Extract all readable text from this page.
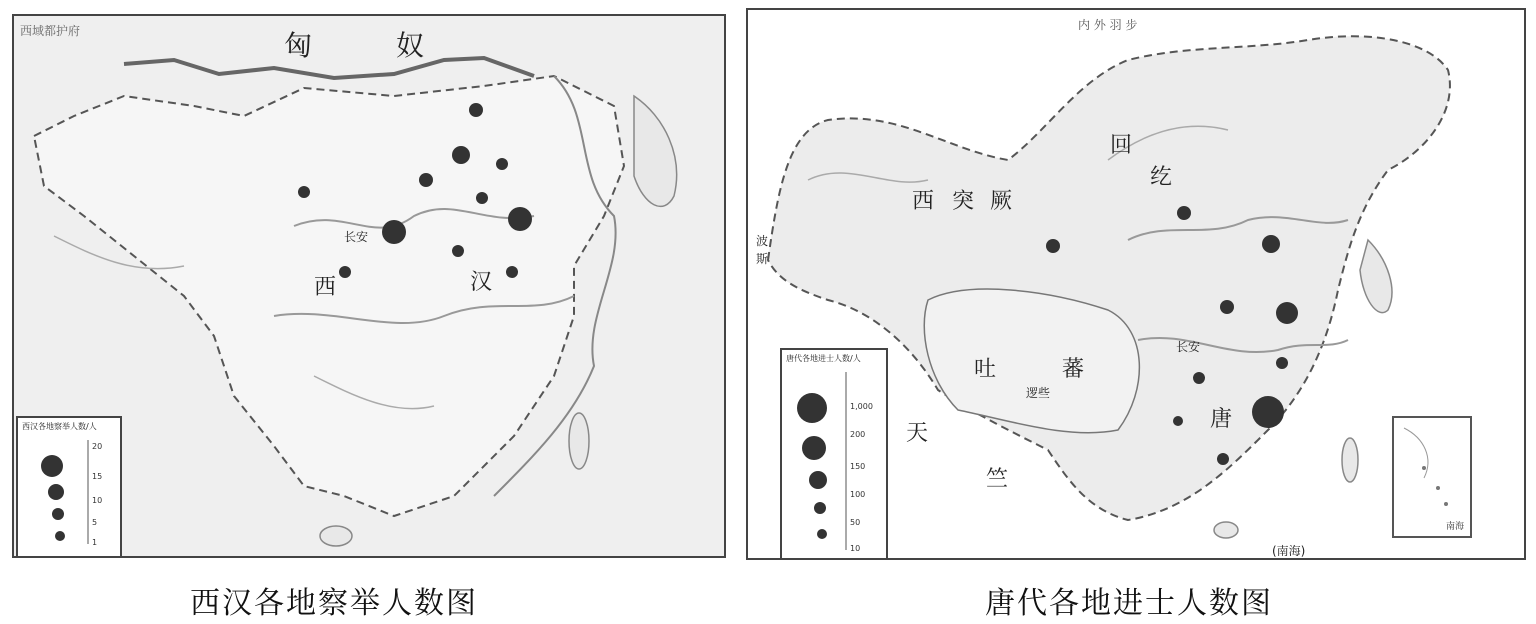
西域都护府	匈	奴
西	汉
长安
西汉各地察举人数/人
20
15
10
5
1
内 外 羽 步
西 突 厥
回
纥
吐	蕃
唐
天
竺
长安
逻些
波
斯
(南海)
唐代各地进士人数/人
1,000
200
150
100
50
10
南海
西汉各地察举人数图	唐代各地进士人数图
